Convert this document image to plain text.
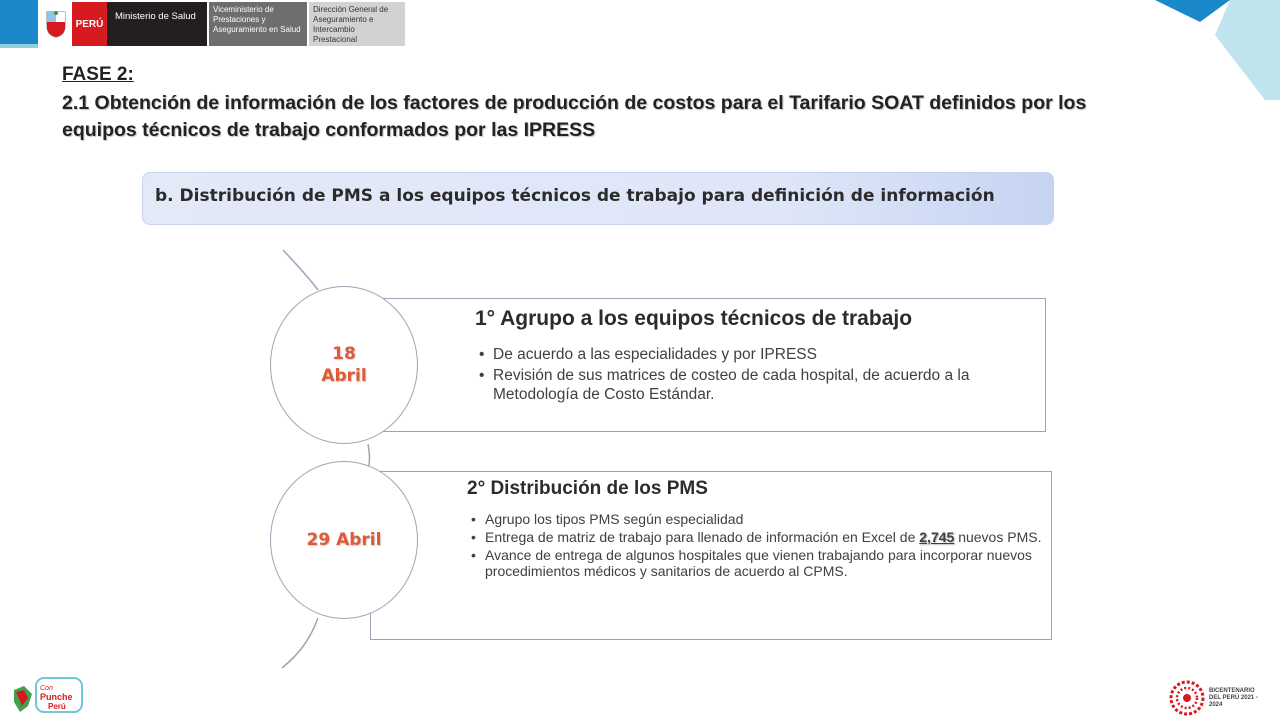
PERÚ
Ministerio de Salud
Viceministerio de Prestaciones y Aseguramiento en Salud
Dirección General de Aseguramiento e Intercambio Prestacional
FASE 2:
2.1 Obtención de información de los factores de producción de costos para el Tarifario SOAT definidos por los equipos técnicos de trabajo conformados por las IPRESS
b. Distribución de PMS a los equipos técnicos de trabajo para definición de información
1° Agrupo a los equipos técnicos de trabajo
• De acuerdo a las especialidades y por IPRESS
• Revisión de sus matrices de costeo de cada hospital, de acuerdo a la Metodología de Costo Estándar.
2° Distribución de los PMS
• Agrupo los tipos PMS según especialidad
• Entrega de matriz de trabajo para llenado de información en Excel de 2,745 nuevos PMS.
• Avance de entrega de algunos hospitales que vienen trabajando para incorporar nuevos procedimientos médicos y sanitarios de acuerdo al CPMS.
18
Abril
29 Abril
Con
Punche
Perú
BICENTENARIO DEL PERÚ 2021 - 2024
